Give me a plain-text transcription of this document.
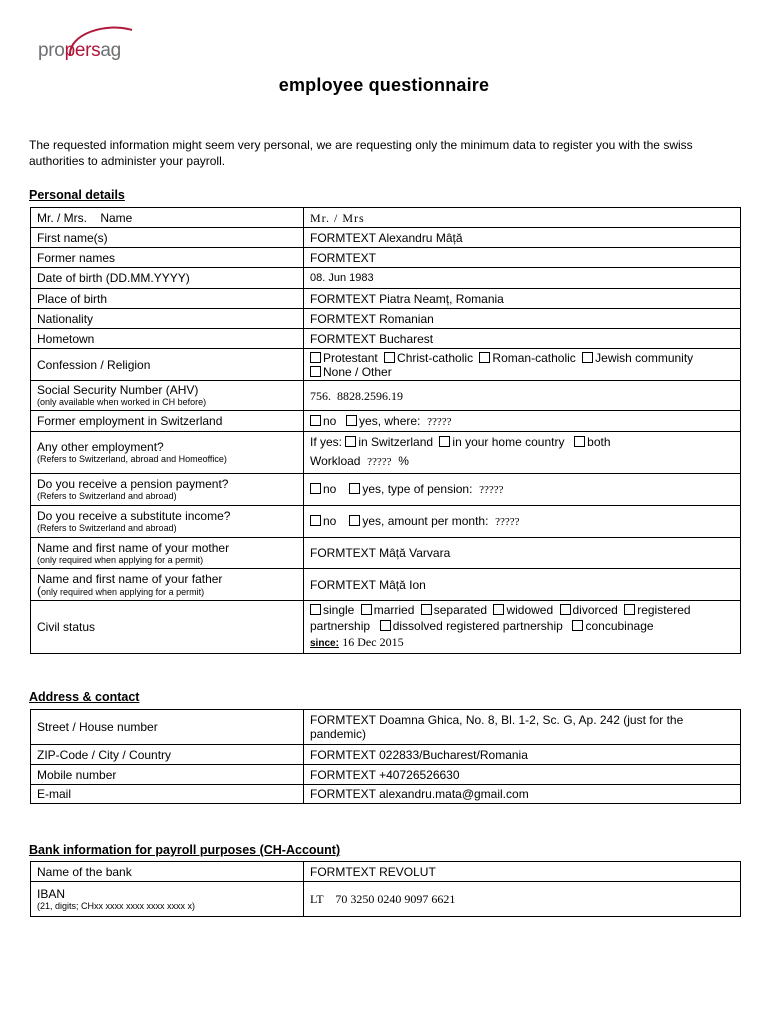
propersag
employee questionnaire
The requested information might seem very personal, we are requesting only the minimum data to register you with the swiss authorities to administer your payroll.
Personal details
Mr. / Mrs.    Name	Mr. / Mrs
First name(s)	FORMTEXT Alexandru Mâță
Former names	FORMTEXT
Date of birth (DD.MM.YYYY)	08. Jun 1983
Place of birth	FORMTEXT Piatra Neamț, Romania
Nationality	FORMTEXT Romanian
Hometown	FORMTEXT Bucharest
Confession / Religion	Protestant Christ-catholic Roman-catholic Jewish community
None / Other
Social Security Number (AHV)
(only available when worked in CH before)	756.  8828.2596.19
Former employment in Switzerland	no yes, where: ?????
Any other employment?
(Refers to Switzerland, abroad and Homeoffice)	If yes: in Switzerland in your home country both
Workload ????? %
Do you receive a pension payment?
(Refers to Switzerland and abroad)	no yes, type of pension: ?????
Do you receive a substitute income?
(Refers to Switzerland and abroad)	no yes, amount per month: ?????
Name and first name of your mother
(only required when applying for a permit)	FORMTEXT Mâță Varvara
Name and first name of your father
(only required when applying for a permit)	FORMTEXT Mâță Ion
Civil status	single married separated widowed divorced registered
partnership dissolved registered partnership concubinage
since: 16 Dec 2015
Address & contact
Street / House number	FORMTEXT Doamna Ghica, No. 8, Bl. 1-2, Sc. G, Ap. 242 (just for the pandemic)
ZIP-Code / City / Country	FORMTEXT 022833/Bucharest/Romania
Mobile number	FORMTEXT +40726526630
E-mail	FORMTEXT alexandru.mata@gmail.com
Bank information for payroll purposes (CH-Account)
Name of the bank	FORMTEXT REVOLUT
IBAN
(21, digits; CHxx xxxx xxxx xxxx xxxx x)	LT    70 3250 0240 9097 6621
